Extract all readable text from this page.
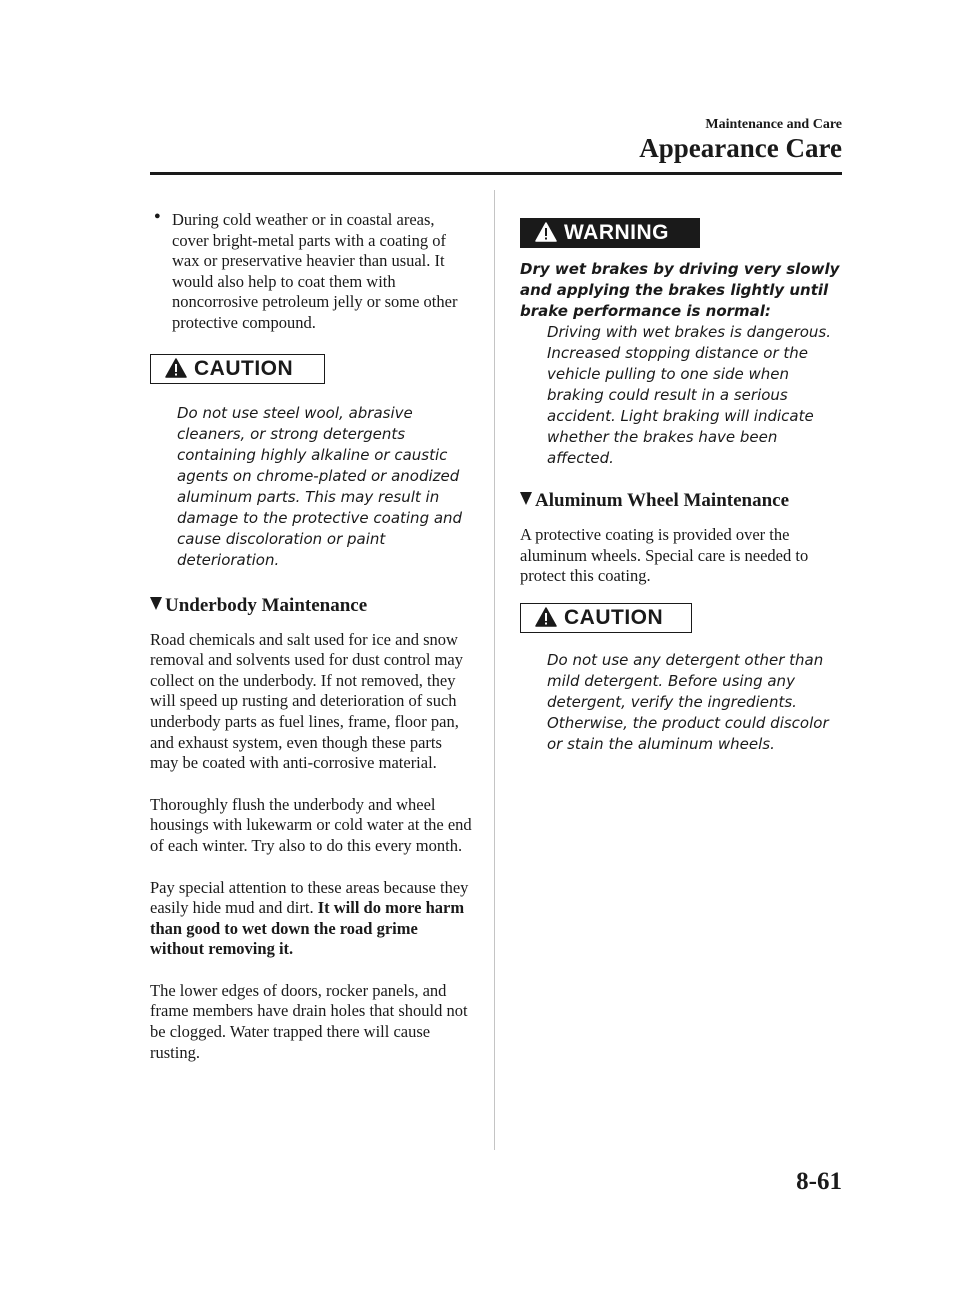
Maintenance and Care
Appearance Care
● During cold weather or in coastal areas, cover bright-metal parts with a coating of wax or preservative heavier than usual. It would also help to coat them with noncorrosive petroleum jelly or some other protective compound.

CAUTION

Do not use steel wool, abrasive cleaners, or strong detergents containing highly alkaline or caustic agents on chrome-plated or anodized aluminum parts. This may result in damage to the protective coating and cause discoloration or paint deterioration.

Underbody Maintenance

Road chemicals and salt used for ice and snow removal and solvents used for dust control may collect on the underbody. If not removed, they will speed up rusting and deterioration of such underbody parts as fuel lines, frame, floor pan, and exhaust system, even though these parts may be coated with anti-corrosive material.

Thoroughly flush the underbody and wheel housings with lukewarm or cold water at the end of each winter. Try also to do this every month.

Pay special attention to these areas because they easily hide mud and dirt. It will do more harm than good to wet down the road grime without removing it.

The lower edges of doors, rocker panels, and frame members have drain holes that should not be clogged. Water trapped there will cause rusting.

WARNING

Dry wet brakes by driving very slowly and applying the brakes lightly until brake performance is normal:

Driving with wet brakes is dangerous. Increased stopping distance or the vehicle pulling to one side when braking could result in a serious accident. Light braking will indicate whether the brakes have been affected.

Aluminum Wheel Maintenance

A protective coating is provided over the aluminum wheels. Special care is needed to protect this coating.

CAUTION

Do not use any detergent other than mild detergent. Before using any detergent, verify the ingredients. Otherwise, the product could discolor or stain the aluminum wheels.

8-61
